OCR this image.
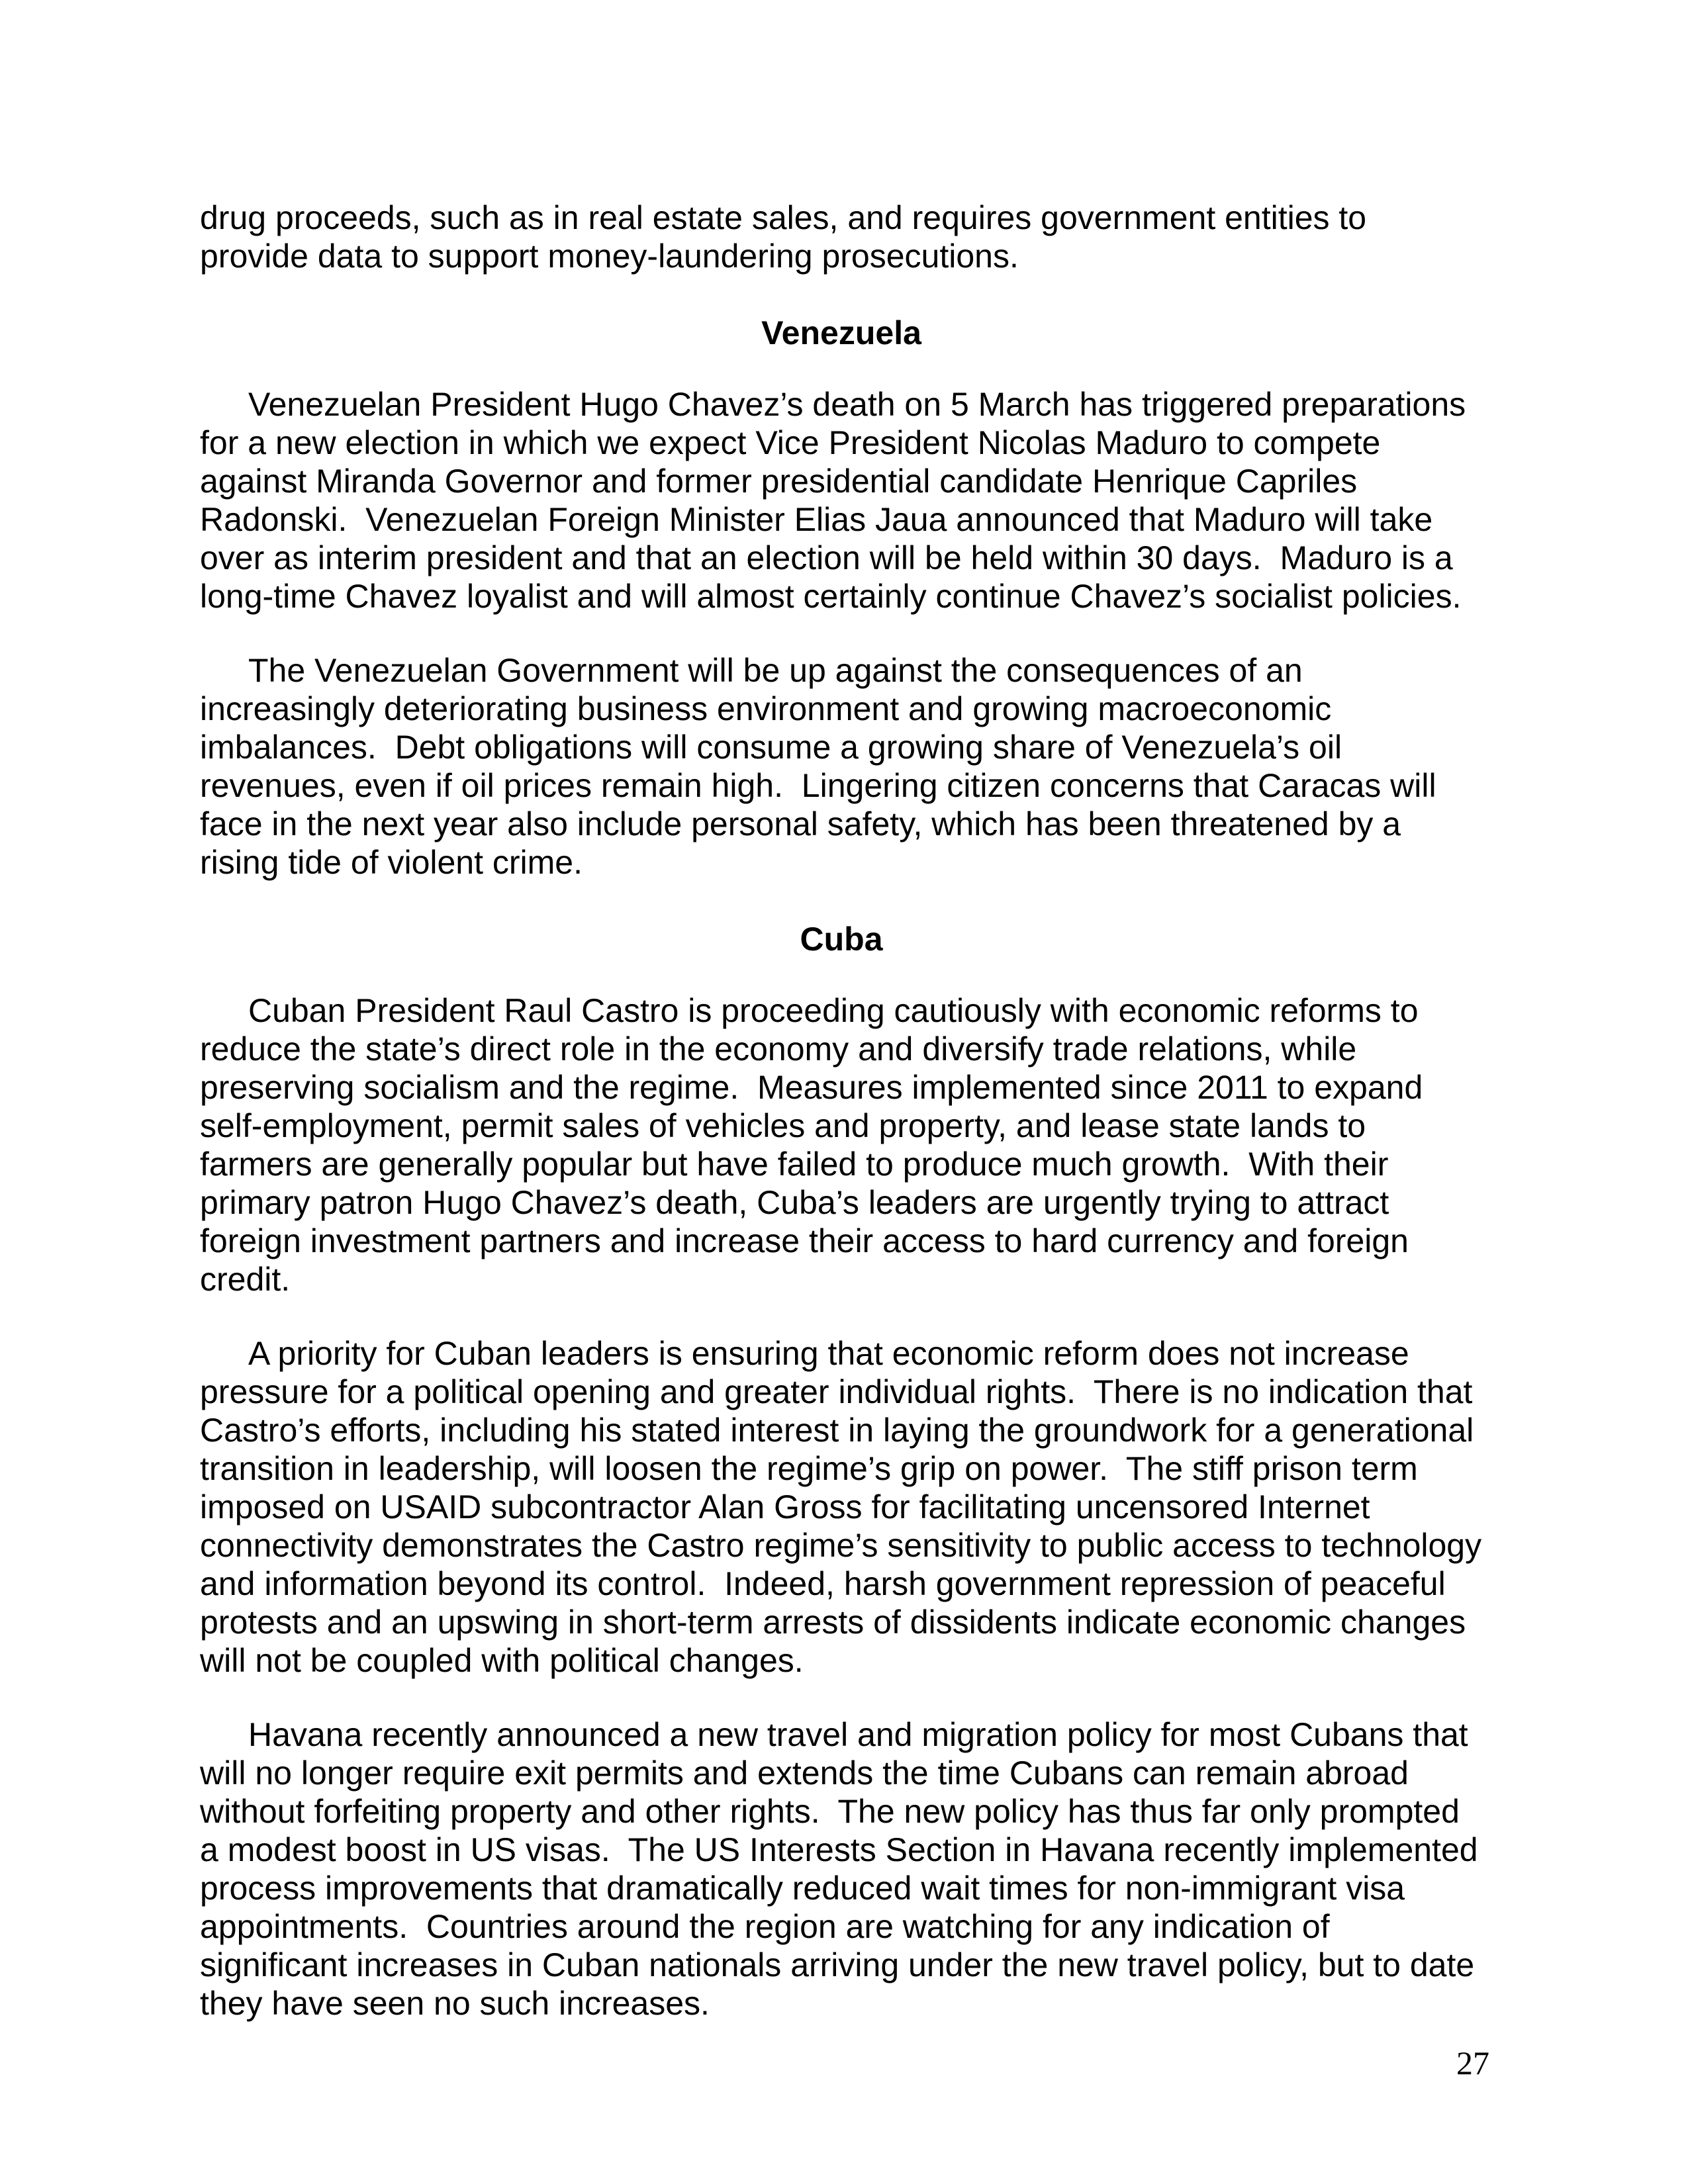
drug proceeds, such as in real estate sales, and requires government entities to provide data to support money-laundering prosecutions.

Venezuela

Venezuelan President Hugo Chavez’s death on 5 March has triggered preparations for a new election in which we expect Vice President Nicolas Maduro to compete against Miranda Governor and former presidential candidate Henrique Capriles Radonski.  Venezuelan Foreign Minister Elias Jaua announced that Maduro will take over as interim president and that an election will be held within 30 days.  Maduro is a long-time Chavez loyalist and will almost certainly continue Chavez’s socialist policies.

The Venezuelan Government will be up against the consequences of an increasingly deteriorating business environment and growing macroeconomic imbalances.  Debt obligations will consume a growing share of Venezuela’s oil revenues, even if oil prices remain high.  Lingering citizen concerns that Caracas will face in the next year also include personal safety, which has been threatened by a rising tide of violent crime.

Cuba

Cuban President Raul Castro is proceeding cautiously with economic reforms to reduce the state’s direct role in the economy and diversify trade relations, while preserving socialism and the regime.  Measures implemented since 2011 to expand self-employment, permit sales of vehicles and property, and lease state lands to farmers are generally popular but have failed to produce much growth.  With their primary patron Hugo Chavez’s death, Cuba’s leaders are urgently trying to attract foreign investment partners and increase their access to hard currency and foreign credit.

A priority for Cuban leaders is ensuring that economic reform does not increase pressure for a political opening and greater individual rights.  There is no indication that Castro’s efforts, including his stated interest in laying the groundwork for a generational transition in leadership, will loosen the regime’s grip on power.  The stiff prison term imposed on USAID subcontractor Alan Gross for facilitating uncensored Internet connectivity demonstrates the Castro regime’s sensitivity to public access to technology and information beyond its control.  Indeed, harsh government repression of peaceful protests and an upswing in short-term arrests of dissidents indicate economic changes will not be coupled with political changes.

Havana recently announced a new travel and migration policy for most Cubans that will no longer require exit permits and extends the time Cubans can remain abroad without forfeiting property and other rights.  The new policy has thus far only prompted a modest boost in US visas.  The US Interests Section in Havana recently implemented process improvements that dramatically reduced wait times for non-immigrant visa appointments.  Countries around the region are watching for any indication of significant increases in Cuban nationals arriving under the new travel policy, but to date they have seen no such increases.

27
